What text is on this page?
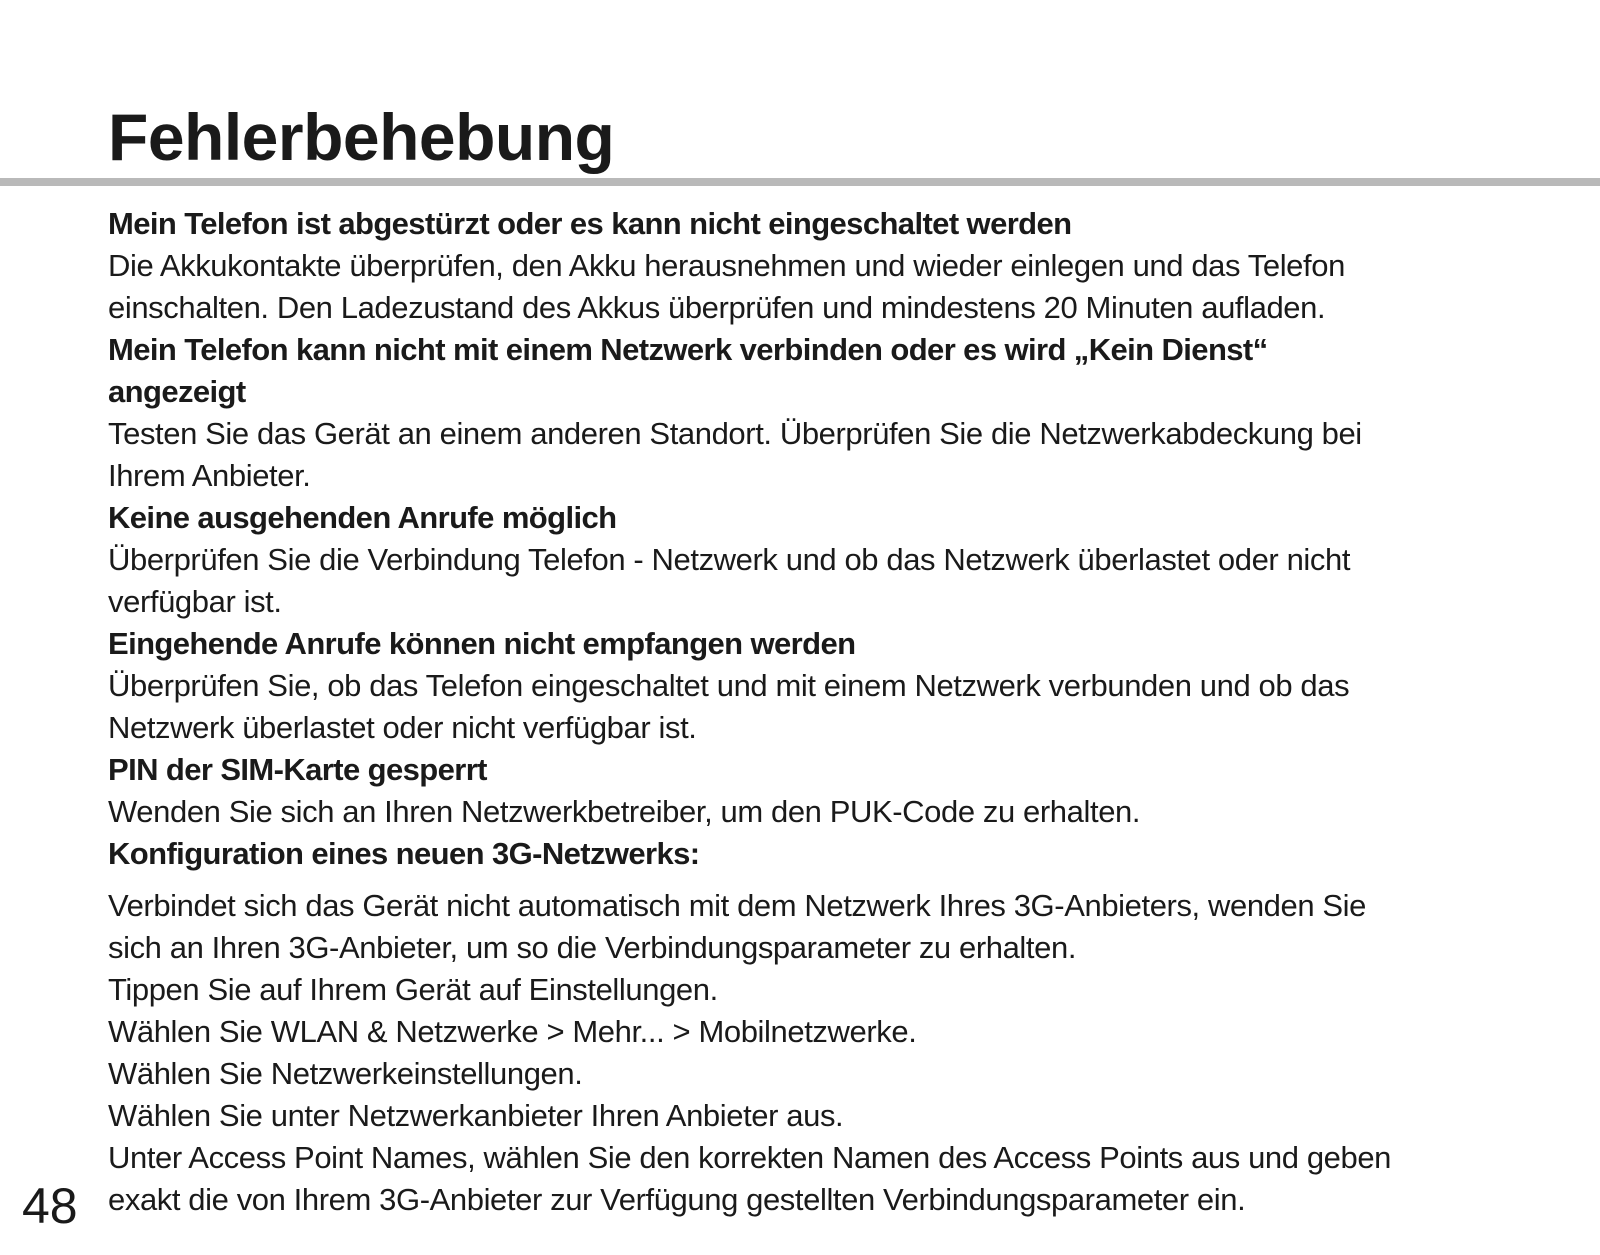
Fehlerbehebung
Mein Telefon ist abgestürzt oder es kann nicht eingeschaltet werden
Die Akkukontakte überprüfen, den Akku herausnehmen und wieder einlegen und das Telefon
einschalten. Den Ladezustand des Akkus überprüfen und mindestens 20 Minuten aufladen.
Mein Telefon kann nicht mit einem Netzwerk verbinden oder es wird „Kein Dienst“
angezeigt
Testen Sie das Gerät an einem anderen Standort. Überprüfen Sie die Netzwerkabdeckung bei
Ihrem Anbieter.
Keine ausgehenden Anrufe möglich
Überprüfen Sie die Verbindung Telefon - Netzwerk und ob das Netzwerk überlastet oder nicht
verfügbar ist.
Eingehende Anrufe können nicht empfangen werden
Überprüfen Sie, ob das Telefon eingeschaltet und mit einem Netzwerk verbunden und ob das
Netzwerk überlastet oder nicht verfügbar ist.
PIN der SIM-Karte gesperrt
Wenden Sie sich an Ihren Netzwerkbetreiber, um den PUK-Code zu erhalten.
Konfiguration eines neuen 3G-Netzwerks:
Verbindet sich das Gerät nicht automatisch mit dem Netzwerk Ihres 3G-Anbieters, wenden Sie
sich an Ihren 3G-Anbieter, um so die Verbindungsparameter zu erhalten.
Tippen Sie auf Ihrem Gerät auf Einstellungen.
Wählen Sie WLAN & Netzwerke > Mehr... > Mobilnetzwerke.
Wählen Sie Netzwerkeinstellungen.
Wählen Sie unter Netzwerkanbieter Ihren Anbieter aus.
Unter Access Point Names, wählen Sie den korrekten Namen des Access Points aus und geben
exakt die von Ihrem 3G-Anbieter zur Verfügung gestellten Verbindungsparameter ein.
48
